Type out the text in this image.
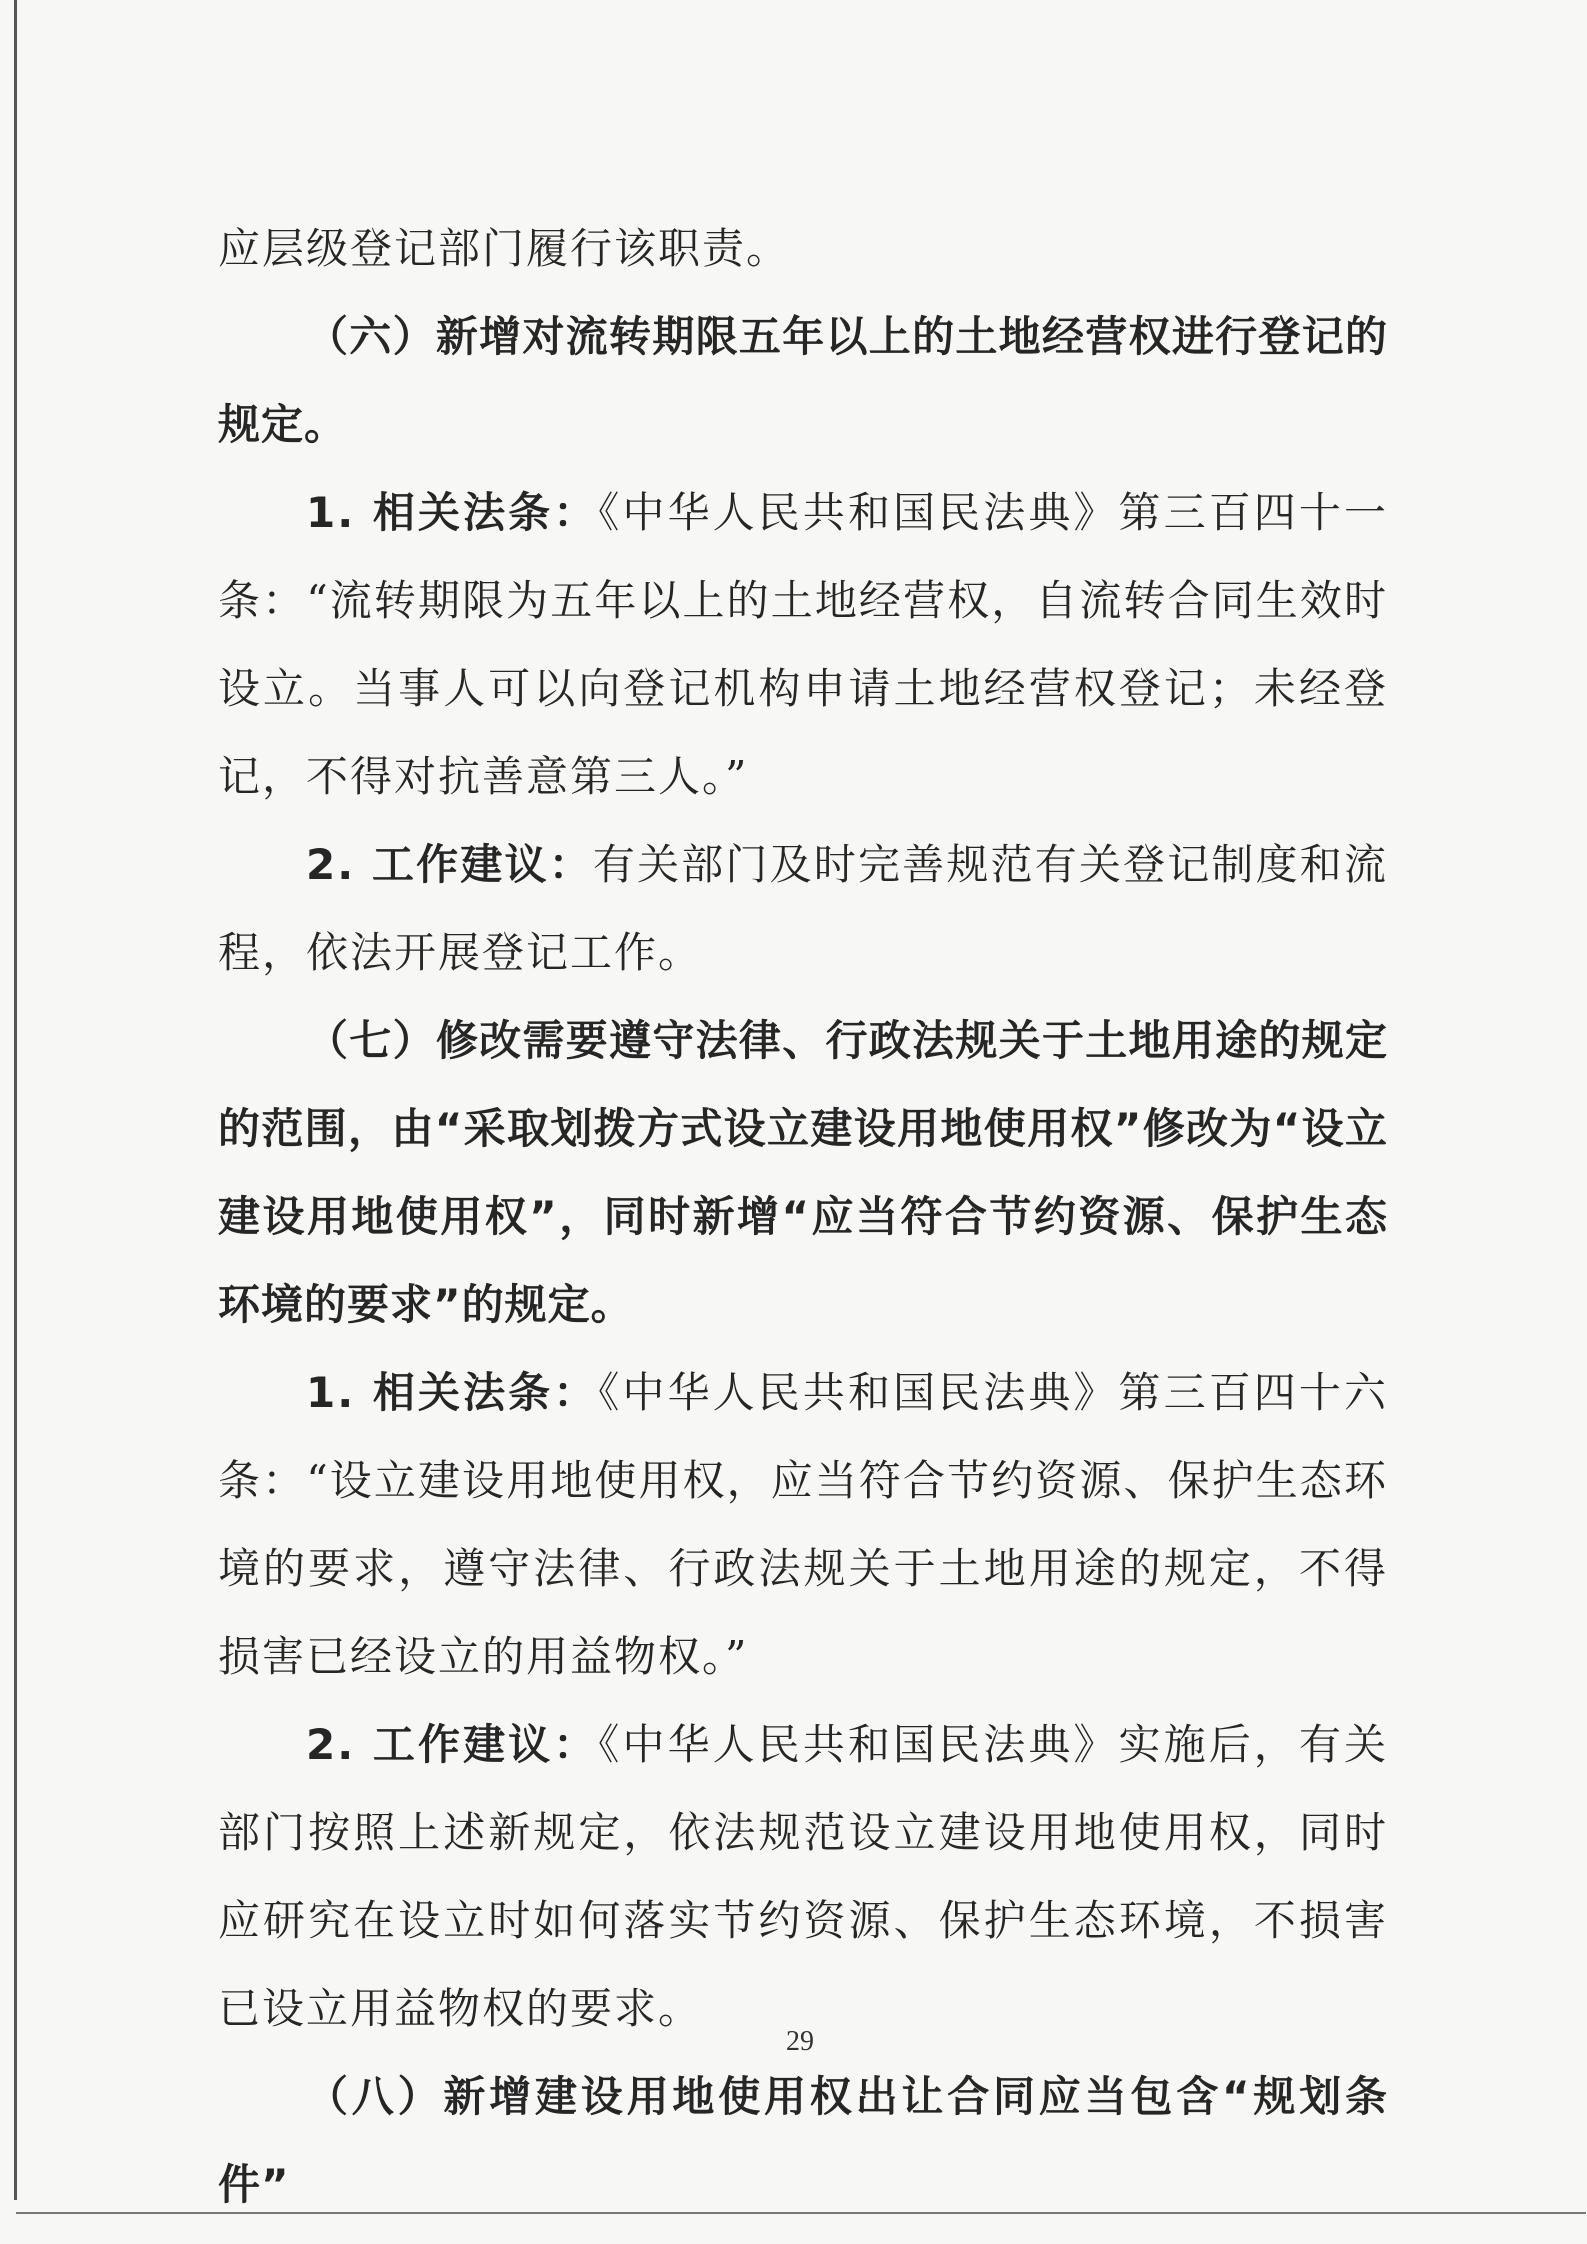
应层级登记部门履行该职责。

（六）新增对流转期限五年以上的土地经营权进行登记的规定。

1. 相关法条：《中华人民共和国民法典》第三百四十一条：“流转期限为五年以上的土地经营权，自流转合同生效时设立。当事人可以向登记机构申请土地经营权登记；未经登记，不得对抗善意第三人。”

2. 工作建议：有关部门及时完善规范有关登记制度和流程，依法开展登记工作。

（七）修改需要遵守法律、行政法规关于土地用途的规定的范围，由“采取划拨方式设立建设用地使用权”修改为“设立建设用地使用权”，同时新增“应当符合节约资源、保护生态环境的要求”的规定。

1. 相关法条：《中华人民共和国民法典》第三百四十六条：“设立建设用地使用权，应当符合节约资源、保护生态环境的要求，遵守法律、行政法规关于土地用途的规定，不得损害已经设立的用益物权。”

2. 工作建议：《中华人民共和国民法典》实施后，有关部门按照上述新规定，依法规范设立建设用地使用权，同时应研究在设立时如何落实节约资源、保护生态环境，不损害已设立用益物权的要求。

（八）新增建设用地使用权出让合同应当包含“规划条件”

29
